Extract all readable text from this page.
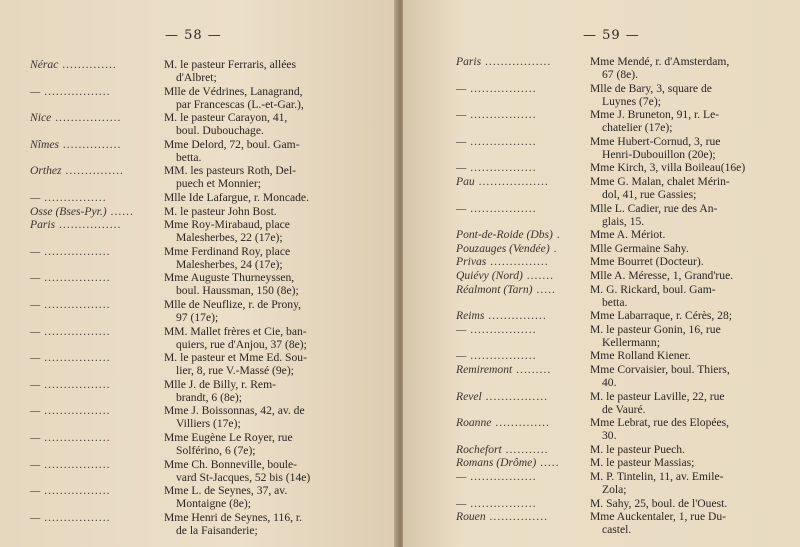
— 58 —
Nérac ..............	M. le pasteur Ferraris, allées
d'Albret;
— .................	Mlle de Védrines, Lanagrand,
par Francescas (L.-et-Gar.),
Nice .................	M. le pasteur Carayon, 41,
boul. Dubouchage.
Nîmes ...............	Mme Delord, 72, boul. Gam-
betta.
Orthez ...............	MM. les pasteurs Roth, Del-
puech et Monnier;
— ................	Mlle Ide Lafargue, r. Moncade.
Osse (Bses-Pyr.) ......	M. le pasteur John Bost.
Paris ................	Mme Roy-Mirabaud, place
Malesherbes, 22 (17e);
— .................	Mme Ferdinand Roy, place
Malesherbes, 24 (17e);
— .................	Mme Auguste Thurneyssen,
boul. Haussman, 150 (8e);
— .................	Mlle de Neuflize, r. de Prony,
97 (17e);
— .................	MM. Mallet frères et Cie, ban-
quiers, rue d'Anjou, 37 (8e);
— .................	M. le pasteur et Mme Ed. Sou-
lier, 8, rue V.-Massé (9e);
— .................	Mlle J. de Billy, r. Rem-
brandt, 6 (8e);
— .................	Mme J. Boissonnas, 42, av. de
Villiers (17e);
— .................	Mme Eugène Le Royer, rue
Solférino, 6 (7e);
— .................	Mme Ch. Bonneville, boule-
vard St-Jacques, 52 bis (14e)
— .................	Mme L. de Seynes, 37, av.
Montaigne (8e);
— .................	Mme Henri de Seynes, 116, r.
de la Faisanderie;
— 59 —
Paris .................	Mme Mendé, r. d'Amsterdam,
67 (8e).
— .................	Mlle de Bary, 3, square de
Luynes (7e);
— .................	Mme J. Bruneton, 91, r. Le-
chatelier (17e);
— .................	Mme Hubert-Cornud, 3, rue
Henri-Dubouillon (20e);
— .................	Mme Kirch, 3, villa Boileau(16e)
Pau ..................	Mme G. Malan, chalet Mérin-
dol, 41, rue Gassies;
— .................	Mlle L. Cadier, rue des An-
glais, 15.
Pont-de-Roide (Dbs) .	Mme A. Mériot.
Pouzauges (Vendée) .	Mlle Germaine Sahy.
Privas ...............	Mme Bourret (Docteur).
Quiévy (Nord) .......	Mlle A. Méresse, 1, Grand'rue.
Réalmont (Tarn) .....	M. G. Rickard, boul. Gam-
betta.
Reims ...............	Mme Labarraque, r. Cérès, 28;
— .................	M. le pasteur Gonin, 16, rue
Kellermann;
— .................	Mme Rolland Kiener.
Remiremont .........	Mme Corvaisier, boul. Thiers,
40.
Revel ................	M. le pasteur Laville, 22, rue
de Vauré.
Roanne ..............	Mme Lebrat, rue des Elopées,
30.
Rochefort ...........	M. le pasteur Puech.
Romans (Drôme) .....	M. le pasteur Massias;
— .................	M. P. Tintelin, 11, av. Emile-
Zola;
— .................	M. Sahy, 25, boul. de l'Ouest.
Rouen ...............	Mme Auckentaler, 1, rue Du-
castel.
